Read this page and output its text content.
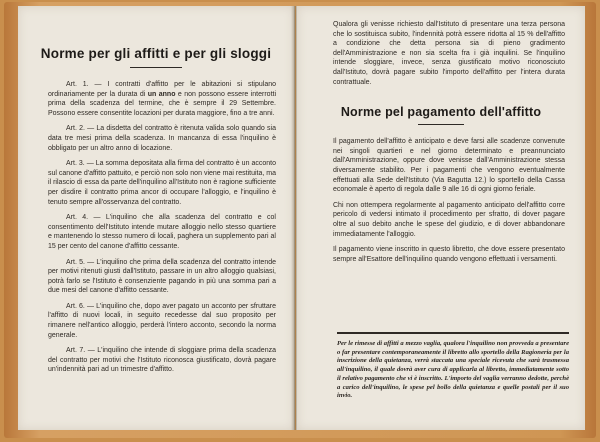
Norme per gli affitti e per gli sloggi
Art. 1. — I contratti d'affitto per le abitazioni si stipulano ordinariamente per la durata di un anno e non possono essere interrotti prima della scadenza del termine, che è sempre il 29 Settembre. Possono essere consentite locazioni per durata maggiore, fino a tre anni.
Art. 2. — La disdetta del contratto è ritenuta valida solo quando sia data tre mesi prima della scadenza. In mancanza di essa l'inquilino è obbligato per un altro anno di locazione.
Art. 3. — La somma depositata alla firma del contratto è un acconto sul canone d'affitto pattuito, e perciò non solo non viene mai restituita, ma il rilascio di essa da parte dell'inquilino all'Istituto non è ragione sufficiente per disdire il contratto prima ancor di occupare l'alloggio, e l'inquilino è tenuto sempre all'osservanza del contratto.
Art. 4. — L'inquilino che alla scadenza del contratto e col consentimento dell'Istituto intende mutare alloggio nello stesso quartiere e mantenendo lo stesso numero di locali, paghera un supplemento pari al 15 per cento del canone d'affitto cessante.
Art. 5. — L'inquilino che prima della scadenza del contratto intende per motivi ritenuti giusti dall'Istituto, passare in un altro alloggio qualsiasi, potrà farlo se l'Istituto è consenziente pagando in più una somma pari a due mesi del canone d'affitto cessante.
Art. 6. — L'inquilino che, dopo aver pagato un acconto per sfruttare l'affitto di nuovi locali, in seguito recedesse dal suo proposito per rimanere nell'antico alloggio, perderà l'intero acconto, secondo la norma generale.
Art. 7. — L'inquilino che intende di sloggiare prima della scadenza del contratto per motivi che l'Istituto riconosca giustificato, dovrà pagare un'indennità pari ad un trimestre d'affitto.
Qualora gli venisse richiesto dall'Istituto di presentare una terza persona che lo sostituisca subito, l'indennità potrà essere ridotta al 15 % dell'affitto a condizione che detta persona sia di pieno gradimento dell'Amministrazione e non sia scelta fra i già inquilini. Se l'inquilino intende sloggiare, invece, senza giustificato motivo riconosciuto dall'Istituto, dovrà pagare subito l'importo dell'affitto per l'intera durata contrattuale.
Norme pel pagamento dell'affitto
Il pagamento dell'affitto è anticipato e deve farsi alle scadenze convenute nei singoli quartieri e nel giorno determinato e preannunciato dall'Amministrazione, oppure dove venisse dall'Amministrazione stessa diversamente stabilito. Per i pagamenti che vengono eventualmente effettuati alla Sede dell'Istituto (Via Bagutta 12.) lo sportello della Cassa economale è aperto di regola dalle 9 alle 16 di ogni giorno feriale.
Chi non ottempera regolarmente al pagamento anticipato dell'affitto corre pericolo di vedersi intimato il procedimento per sfratto, di dover pagare oltre al suo debito anche le spese del giudizio, e di dover abbandonare immediatamente l'alloggio.
Il pagamento viene inscritto in questo libretto, che dove essere presentato sempre all'Esattore dell'inquilino quando vengono effettuati i versamenti.
Per le rimesse di affitti a mezzo vaglia, qualora l'inquilino non provveda a presentare o far presentare contemporaneamente il libretto allo sportello della Ragioneria per la inscrizione della quietanza, verrà staccata una speciale ricevuta che sarà trasmessa all'inquilino, il quale dovrà aver cura di applicarla al libretto, immediatamente sotto il relativo pagamento che vi è inscritto. L'importo del vaglia verranno dedotte, perchè a carico dell'inquilino, le spese pel bollo della quietanza e quelle postali per il suo invio.
